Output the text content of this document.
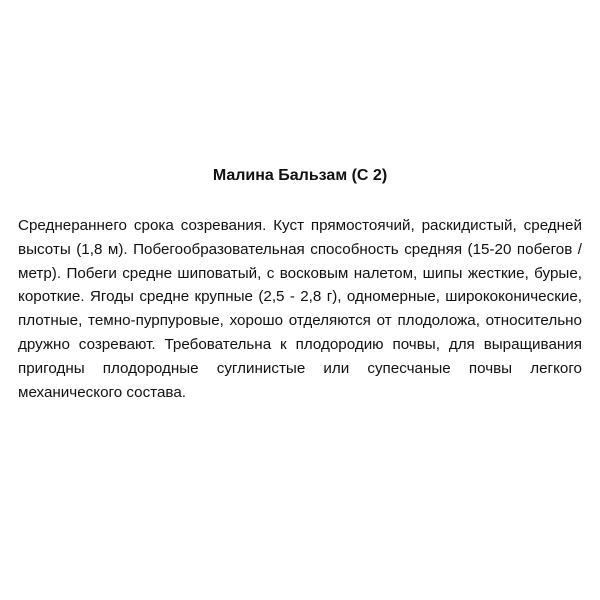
Малина Бальзам (С 2)
Среднераннего срока созревания. Куст прямостоячий, раскидистый, средней высоты (1,8 м). Побегообразовательная способность средняя (15-20 побегов / метр). Побеги средне шиповатый, с восковым налетом, шипы жесткие, бурые, короткие. Ягоды средне крупные (2,5 - 2,8 г), одномерные, ширококонические, плотные, темно-пурпуровые, хорошо отделяются от плодоложа, относительно дружно созревают. Требовательна к плодородию почвы, для выращивания пригодны плодородные суглинистые или супесчаные почвы легкого механического состава.
